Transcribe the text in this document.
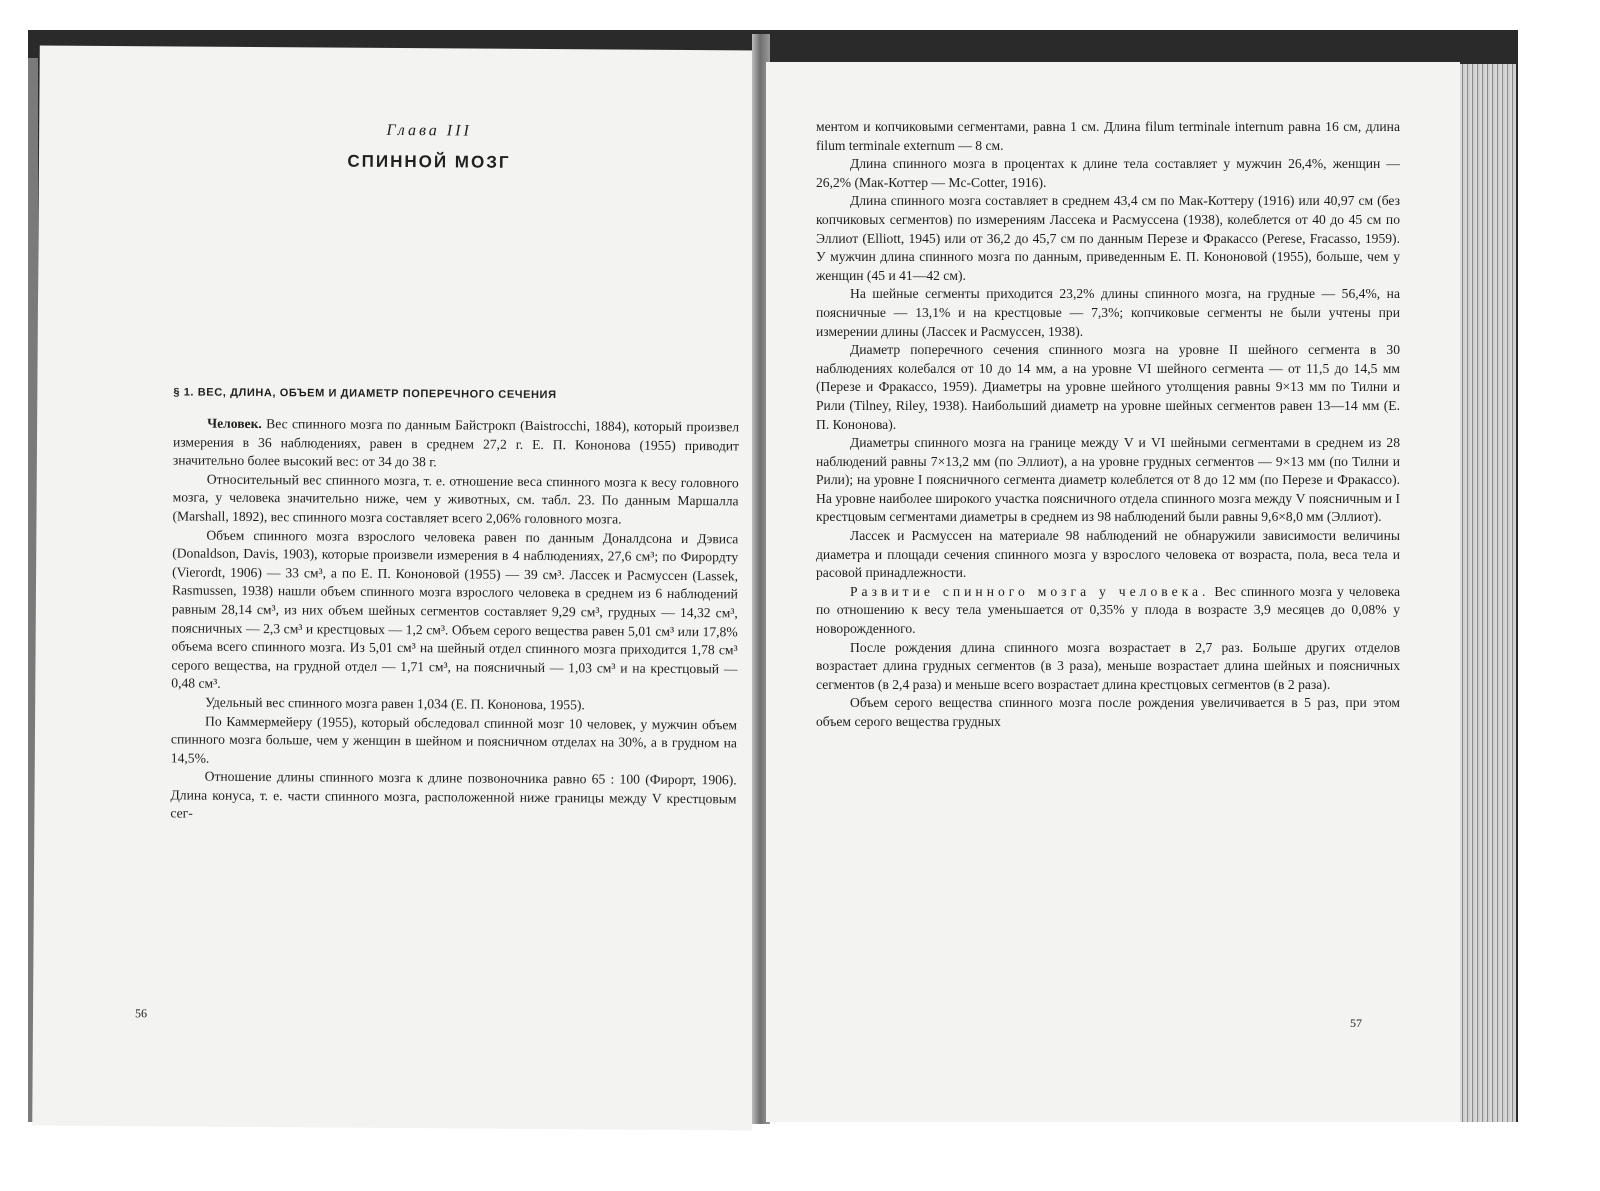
Глава III
СПИННОЙ МОЗГ
§ 1. ВЕС, ДЛИНА, ОБЪЕМ И ДИАМЕТР ПОПЕРЕЧНОГО СЕЧЕНИЯ

Человек. Вес спинного мозга по данным Байстрокп (Baistrocchi, 1884), который произвел измерения в 36 наблюдениях, равен в среднем 27,2 г. Е. П. Кононова (1955) приводит значительно более высокий вес: от 34 до 38 г.

Относительный вес спинного мозга, т. е. отношение веса спинного мозга к весу головного мозга, у человека значительно ниже, чем у животных, см. табл. 23. По данным Маршалла (Marshall, 1892), вес спинного мозга составляет всего 2,06% головного мозга.

Объем спинного мозга взрослого человека равен по данным Доналдсона и Дэвиса (Donaldson, Davis, 1903), которые произвели измерения в 4 наблюдениях, 27,6 см³; по Фирордту (Vierordt, 1906) — 33 см³, а по Е. П. Кононовой (1955) — 39 см³. Лассек и Расмуссен (Lassek, Rasmussen, 1938) нашли объем спинного мозга взрослого человека в среднем из 6 наблюдений равным 28,14 см³, из них объем шейных сегментов составляет 9,29 см³, грудных — 14,32 см³, поясничных — 2,3 см³ и крестцовых — 1,2 см³. Объем серого вещества равен 5,01 см³ или 17,8% объема всего спинного мозга. Из 5,01 см³ на шейный отдел спинного мозга приходится 1,78 см³ серого вещества, на грудной отдел — 1,71 см³, на поясничный — 1,03 см³ и на крестцовый — 0,48 см³.

Удельный вес спинного мозга равен 1,034 (Е. П. Кононова, 1955).

По Каммермейеру (1955), который обследовал спинной мозг 10 человек, у мужчин объем спинного мозга больше, чем у женщин в шейном и поясничном отделах на 30%, а в грудном на 14,5%.

Отношение длины спинного мозга к длине позвоночника равно 65 : 100 (Фирорт, 1906). Длина конуса, т. е. части спинного мозга, расположенной ниже границы между V крестцовым сег-

56

ментом и копчиковыми сегментами, равна 1 см. Длина filum terminale internum равна 16 см, длина filum terminale externum — 8 см.

Длина спинного мозга в процентах к длине тела составляет у мужчин 26,4%, женщин — 26,2% (Мак-Коттер — Mc-Cotter, 1916).

Длина спинного мозга составляет в среднем 43,4 см по Мак-Коттеру (1916) или 40,97 см (без копчиковых сегментов) по измерениям Лассека и Расмуссена (1938), колеблется от 40 до 45 см по Эллиот (Elliott, 1945) или от 36,2 до 45,7 см по данным Перезе и Фракассо (Perese, Fracasso, 1959). У мужчин длина спинного мозга по данным, приведенным Е. П. Кононовой (1955), больше, чем у женщин (45 и 41—42 см).

На шейные сегменты приходится 23,2% длины спинного мозга, на грудные — 56,4%, на поясничные — 13,1% и на крестцовые — 7,3%; копчиковые сегменты не были учтены при измерении длины (Лассек и Расмуссен, 1938).

Диаметр поперечного сечения спинного мозга на уровне II шейного сегмента в 30 наблюдениях колебался от 10 до 14 мм, а на уровне VI шейного сегмента — от 11,5 до 14,5 мм (Перезе и Фракассо, 1959). Диаметры на уровне шейного утолщения равны 9×13 мм по Тилни и Рили (Tilney, Riley, 1938). Наибольший диаметр на уровне шейных сегментов равен 13—14 мм (Е. П. Кононова).

Диаметры спинного мозга на границе между V и VI шейными сегментами в среднем из 28 наблюдений равны 7×13,2 мм (по Эллиот), а на уровне грудных сегментов — 9×13 мм (по Тилни и Рили); на уровне I поясничного сегмента диаметр колеблется от 8 до 12 мм (по Перезе и Фракассо). На уровне наиболее широкого участка поясничного отдела спинного мозга между V поясничным и I крестцовым сегментами диаметры в среднем из 98 наблюдений были равны 9,6×8,0 мм (Эллиот).

Лассек и Расмуссен на материале 98 наблюдений не обнаружили зависимости величины диаметра и площади сечения спинного мозга у взрослого человека от возраста, пола, веса тела и расовой принадлежности.

Развитие спинного мозга у человека. Вес спинного мозга у человека по отношению к весу тела уменьшается от 0,35% у плода в возрасте 3,9 месяцев до 0,08% у новорожденного.

После рождения длина спинного мозга возрастает в 2,7 раз. Больше других отделов возрастает длина грудных сегментов (в 3 раза), меньше возрастает длина шейных и поясничных сегментов (в 2,4 раза) и меньше всего возрастает длина крестцовых сегментов (в 2 раза).

Объем серого вещества спинного мозга после рождения увеличивается в 5 раз, при этом объем серого вещества грудных

57
